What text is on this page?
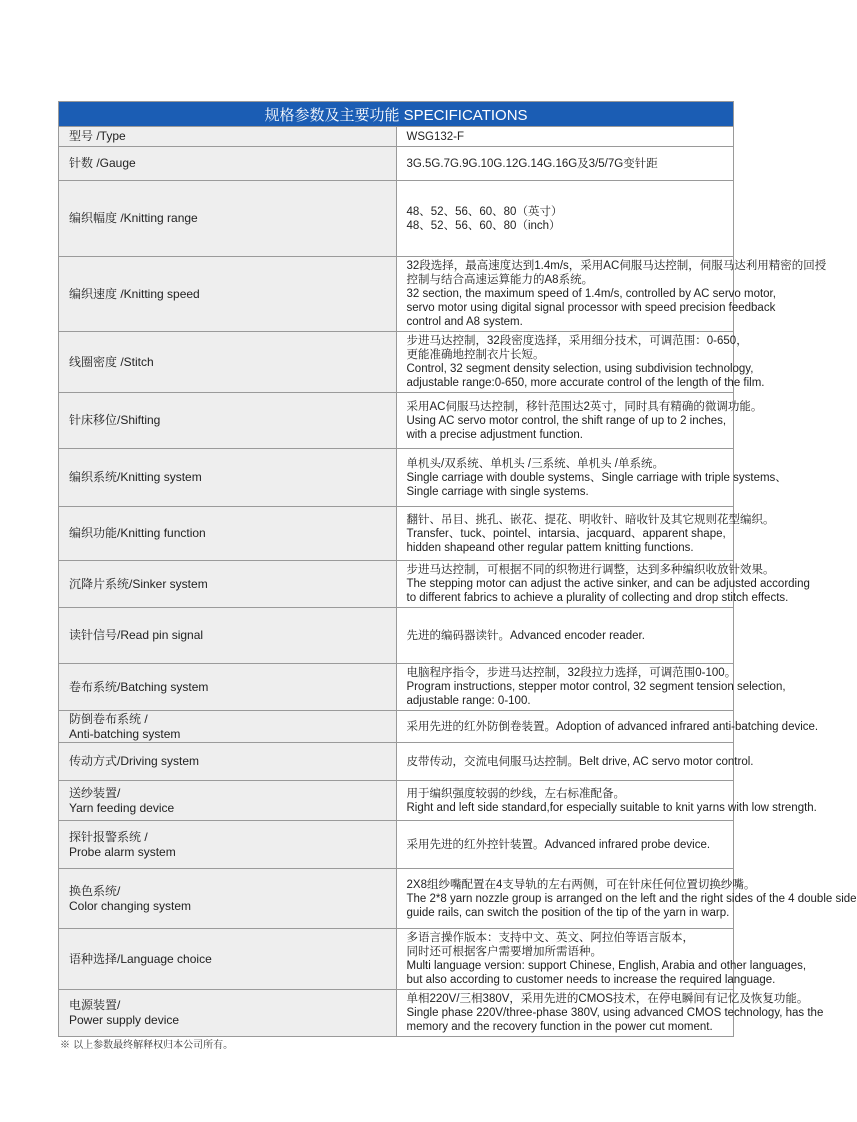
规格参数及主要功能 SPECIFICATIONS	

型号 /Type	WSG132-F

针数 /Gauge	3G.5G.7G.9G.10G.12G.14G.16G及3/5/7G变针距

编织幅度 /Knitting range	48、52、56、60、80（英寸）
48、52、56、60、80（inch）

编织速度 /Knitting speed	32段选择，最高速度达到1.4m/s，采用AC伺服马达控制，伺服马达利用精密的回授
控制与结合高速运算能力的A8系统。
32 section, the maximum speed of 1.4m/s, controlled by AC servo motor,
servo motor using digital signal processor with speed precision feedback
control and A8 system.

线圈密度 /Stitch	步进马达控制，32段密度选择，采用细分技术，可调范围：0-650，
更能准确地控制衣片长短。
Control, 32 segment density selection, using subdivision technology,
adjustable range:0-650, more accurate control of the length of the film.

针床移位/Shifting	采用AC伺服马达控制，移针范围达2英寸，同时具有精确的微调功能。
Using AC servo motor control, the shift range of up to 2 inches,
with a precise adjustment function.

编织系统/Knitting system	单机头/双系统、单机头 /三系统、单机头 /单系统。
Single carriage with double systems、Single carriage with triple systems、
Single carriage with single systems.

编织功能/Knitting function	翻针、吊目、挑孔、嵌花、提花、明收针、暗收针及其它规则花型编织。
Transfer、tuck、pointel、intarsia、jacquard、apparent shape,
hidden shapeand other regular pattem knitting functions.

沉降片系统/Sinker system	步进马达控制，可根据不同的织物进行调整，达到多种编织收放针效果。
The stepping motor can adjust the active sinker, and can be adjusted according
to different fabrics to achieve a plurality of collecting and drop stitch effects.

读针信号/Read pin signal	先进的编码器读针。Advanced encoder reader.

卷布系统/Batching system	电脑程序指令，步进马达控制，32段拉力选择，可调范围0-100。
Program instructions, stepper motor control, 32 segment tension selection,
adjustable range: 0-100.

防倒卷布系统 /
Anti-batching system	采用先进的红外防倒卷装置。Adoption of advanced infrared anti-batching device.

传动方式/Driving system	皮带传动，交流电伺服马达控制。Belt drive, AC servo motor control.

送纱装置/
Yarn feeding device	用于编织强度较弱的纱线，左右标准配备。
Right and left side standard,for especially suitable to knit yarns with low strength.

探针报警系统 /
Probe alarm system	采用先进的红外控针装置。Advanced infrared probe device.

换色系统/
Color changing system	2X8组纱嘴配置在4支导轨的左右两侧，可在针床任何位置切换纱嘴。
The 2*8 yarn nozzle group is arranged on the left and the right sides of the 4 double side
guide rails, can switch the position of the tip of the yarn in warp.

语种选择/Language choice	多语言操作版本：支持中文、英文、阿拉伯等语言版本，
同时还可根据客户需要增加所需语种。
Multi language version: support Chinese, English, Arabia and other languages,
but also according to customer needs to increase the required language.

电源装置/
Power supply device	单相220V/三相380V，采用先进的CMOS技术，在停电瞬间有记忆及恢复功能。
Single phase 220V/three-phase 380V, using advanced CMOS technology, has the
memory and the recovery function in the power cut moment.
※ 以上参数最终解释权归本公司所有。
